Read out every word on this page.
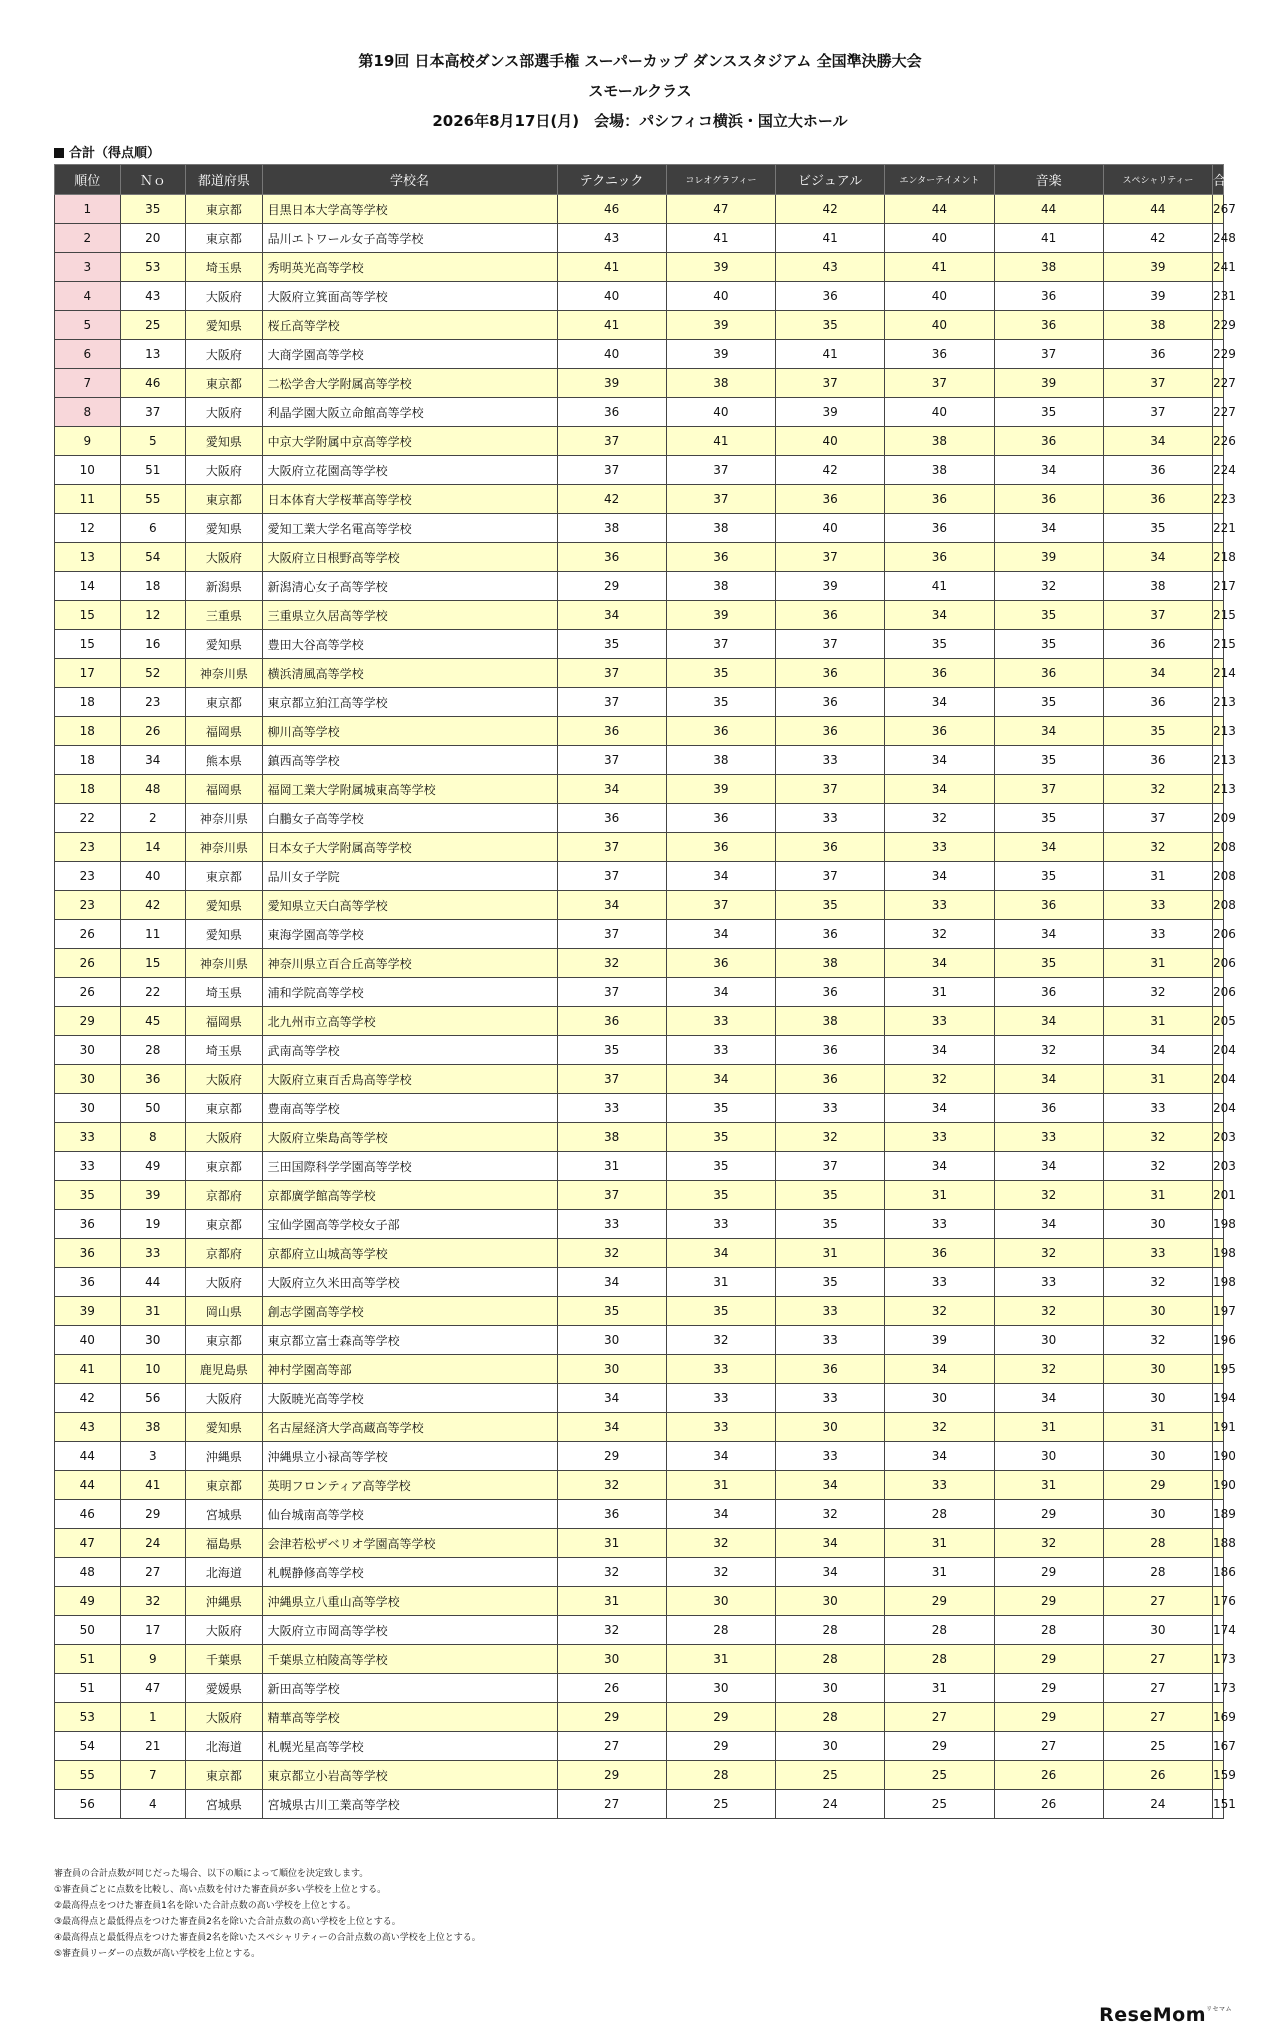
第19回 日本高校ダンス部選手権 スーパーカップ ダンススタジアム 全国準決勝大会
スモールクラス
2026年8月17日(月)　会場：パシフィコ横浜・国立大ホール
合計（得点順）
順位	Ｎｏ	都道府県	学校名	テクニック	コレオグラフィー	ビジュアル	エンターテイメント	音楽	スペシャリティー	合計点
1	35	東京都	目黒日本大学高等学校	46	47	42	44	44	44	267
2	20	東京都	品川エトワール女子高等学校	43	41	41	40	41	42	248
3	53	埼玉県	秀明英光高等学校	41	39	43	41	38	39	241
4	43	大阪府	大阪府立箕面高等学校	40	40	36	40	36	39	231
5	25	愛知県	桜丘高等学校	41	39	35	40	36	38	229
6	13	大阪府	大商学園高等学校	40	39	41	36	37	36	229
7	46	東京都	二松学舎大学附属高等学校	39	38	37	37	39	37	227
8	37	大阪府	利晶学園大阪立命館高等学校	36	40	39	40	35	37	227
9	5	愛知県	中京大学附属中京高等学校	37	41	40	38	36	34	226
10	51	大阪府	大阪府立花園高等学校	37	37	42	38	34	36	224
11	55	東京都	日本体育大学桜華高等学校	42	37	36	36	36	36	223
12	6	愛知県	愛知工業大学名電高等学校	38	38	40	36	34	35	221
13	54	大阪府	大阪府立日根野高等学校	36	36	37	36	39	34	218
14	18	新潟県	新潟清心女子高等学校	29	38	39	41	32	38	217
15	12	三重県	三重県立久居高等学校	34	39	36	34	35	37	215
15	16	愛知県	豊田大谷高等学校	35	37	37	35	35	36	215
17	52	神奈川県	横浜清風高等学校	37	35	36	36	36	34	214
18	23	東京都	東京都立狛江高等学校	37	35	36	34	35	36	213
18	26	福岡県	柳川高等学校	36	36	36	36	34	35	213
18	34	熊本県	鎮西高等学校	37	38	33	34	35	36	213
18	48	福岡県	福岡工業大学附属城東高等学校	34	39	37	34	37	32	213
22	2	神奈川県	白鵬女子高等学校	36	36	33	32	35	37	209
23	14	神奈川県	日本女子大学附属高等学校	37	36	36	33	34	32	208
23	40	東京都	品川女子学院	37	34	37	34	35	31	208
23	42	愛知県	愛知県立天白高等学校	34	37	35	33	36	33	208
26	11	愛知県	東海学園高等学校	37	34	36	32	34	33	206
26	15	神奈川県	神奈川県立百合丘高等学校	32	36	38	34	35	31	206
26	22	埼玉県	浦和学院高等学校	37	34	36	31	36	32	206
29	45	福岡県	北九州市立高等学校	36	33	38	33	34	31	205
30	28	埼玉県	武南高等学校	35	33	36	34	32	34	204
30	36	大阪府	大阪府立東百舌鳥高等学校	37	34	36	32	34	31	204
30	50	東京都	豊南高等学校	33	35	33	34	36	33	204
33	8	大阪府	大阪府立柴島高等学校	38	35	32	33	33	32	203
33	49	東京都	三田国際科学学園高等学校	31	35	37	34	34	32	203
35	39	京都府	京都廣学館高等学校	37	35	35	31	32	31	201
36	19	東京都	宝仙学園高等学校女子部	33	33	35	33	34	30	198
36	33	京都府	京都府立山城高等学校	32	34	31	36	32	33	198
36	44	大阪府	大阪府立久米田高等学校	34	31	35	33	33	32	198
39	31	岡山県	創志学園高等学校	35	35	33	32	32	30	197
40	30	東京都	東京都立富士森高等学校	30	32	33	39	30	32	196
41	10	鹿児島県	神村学園高等部	30	33	36	34	32	30	195
42	56	大阪府	大阪暁光高等学校	34	33	33	30	34	30	194
43	38	愛知県	名古屋経済大学高蔵高等学校	34	33	30	32	31	31	191
44	3	沖縄県	沖縄県立小禄高等学校	29	34	33	34	30	30	190
44	41	東京都	英明フロンティア高等学校	32	31	34	33	31	29	190
46	29	宮城県	仙台城南高等学校	36	34	32	28	29	30	189
47	24	福島県	会津若松ザベリオ学園高等学校	31	32	34	31	32	28	188
48	27	北海道	札幌静修高等学校	32	32	34	31	29	28	186
49	32	沖縄県	沖縄県立八重山高等学校	31	30	30	29	29	27	176
50	17	大阪府	大阪府立市岡高等学校	32	28	28	28	28	30	174
51	9	千葉県	千葉県立柏陵高等学校	30	31	28	28	29	27	173
51	47	愛媛県	新田高等学校	26	30	30	31	29	27	173
53	1	大阪府	精華高等学校	29	29	28	27	29	27	169
54	21	北海道	札幌光星高等学校	27	29	30	29	27	25	167
55	7	東京都	東京都立小岩高等学校	29	28	25	25	26	26	159
56	4	宮城県	宮城県古川工業高等学校	27	25	24	25	26	24	151
審査員の合計点数が同じだった場合、以下の順によって順位を決定致します。
①審査員ごとに点数を比較し、高い点数を付けた審査員が多い学校を上位とする。
②最高得点をつけた審査員1名を除いた合計点数の高い学校を上位とする。
③最高得点と最低得点をつけた審査員2名を除いた合計点数の高い学校を上位とする。
④最高得点と最低得点をつけた審査員2名を除いたスペシャリティーの合計点数の高い学校を上位とする。
⑤審査員リーダーの点数が高い学校を上位とする。
ReseMom$^{リセマム}$
